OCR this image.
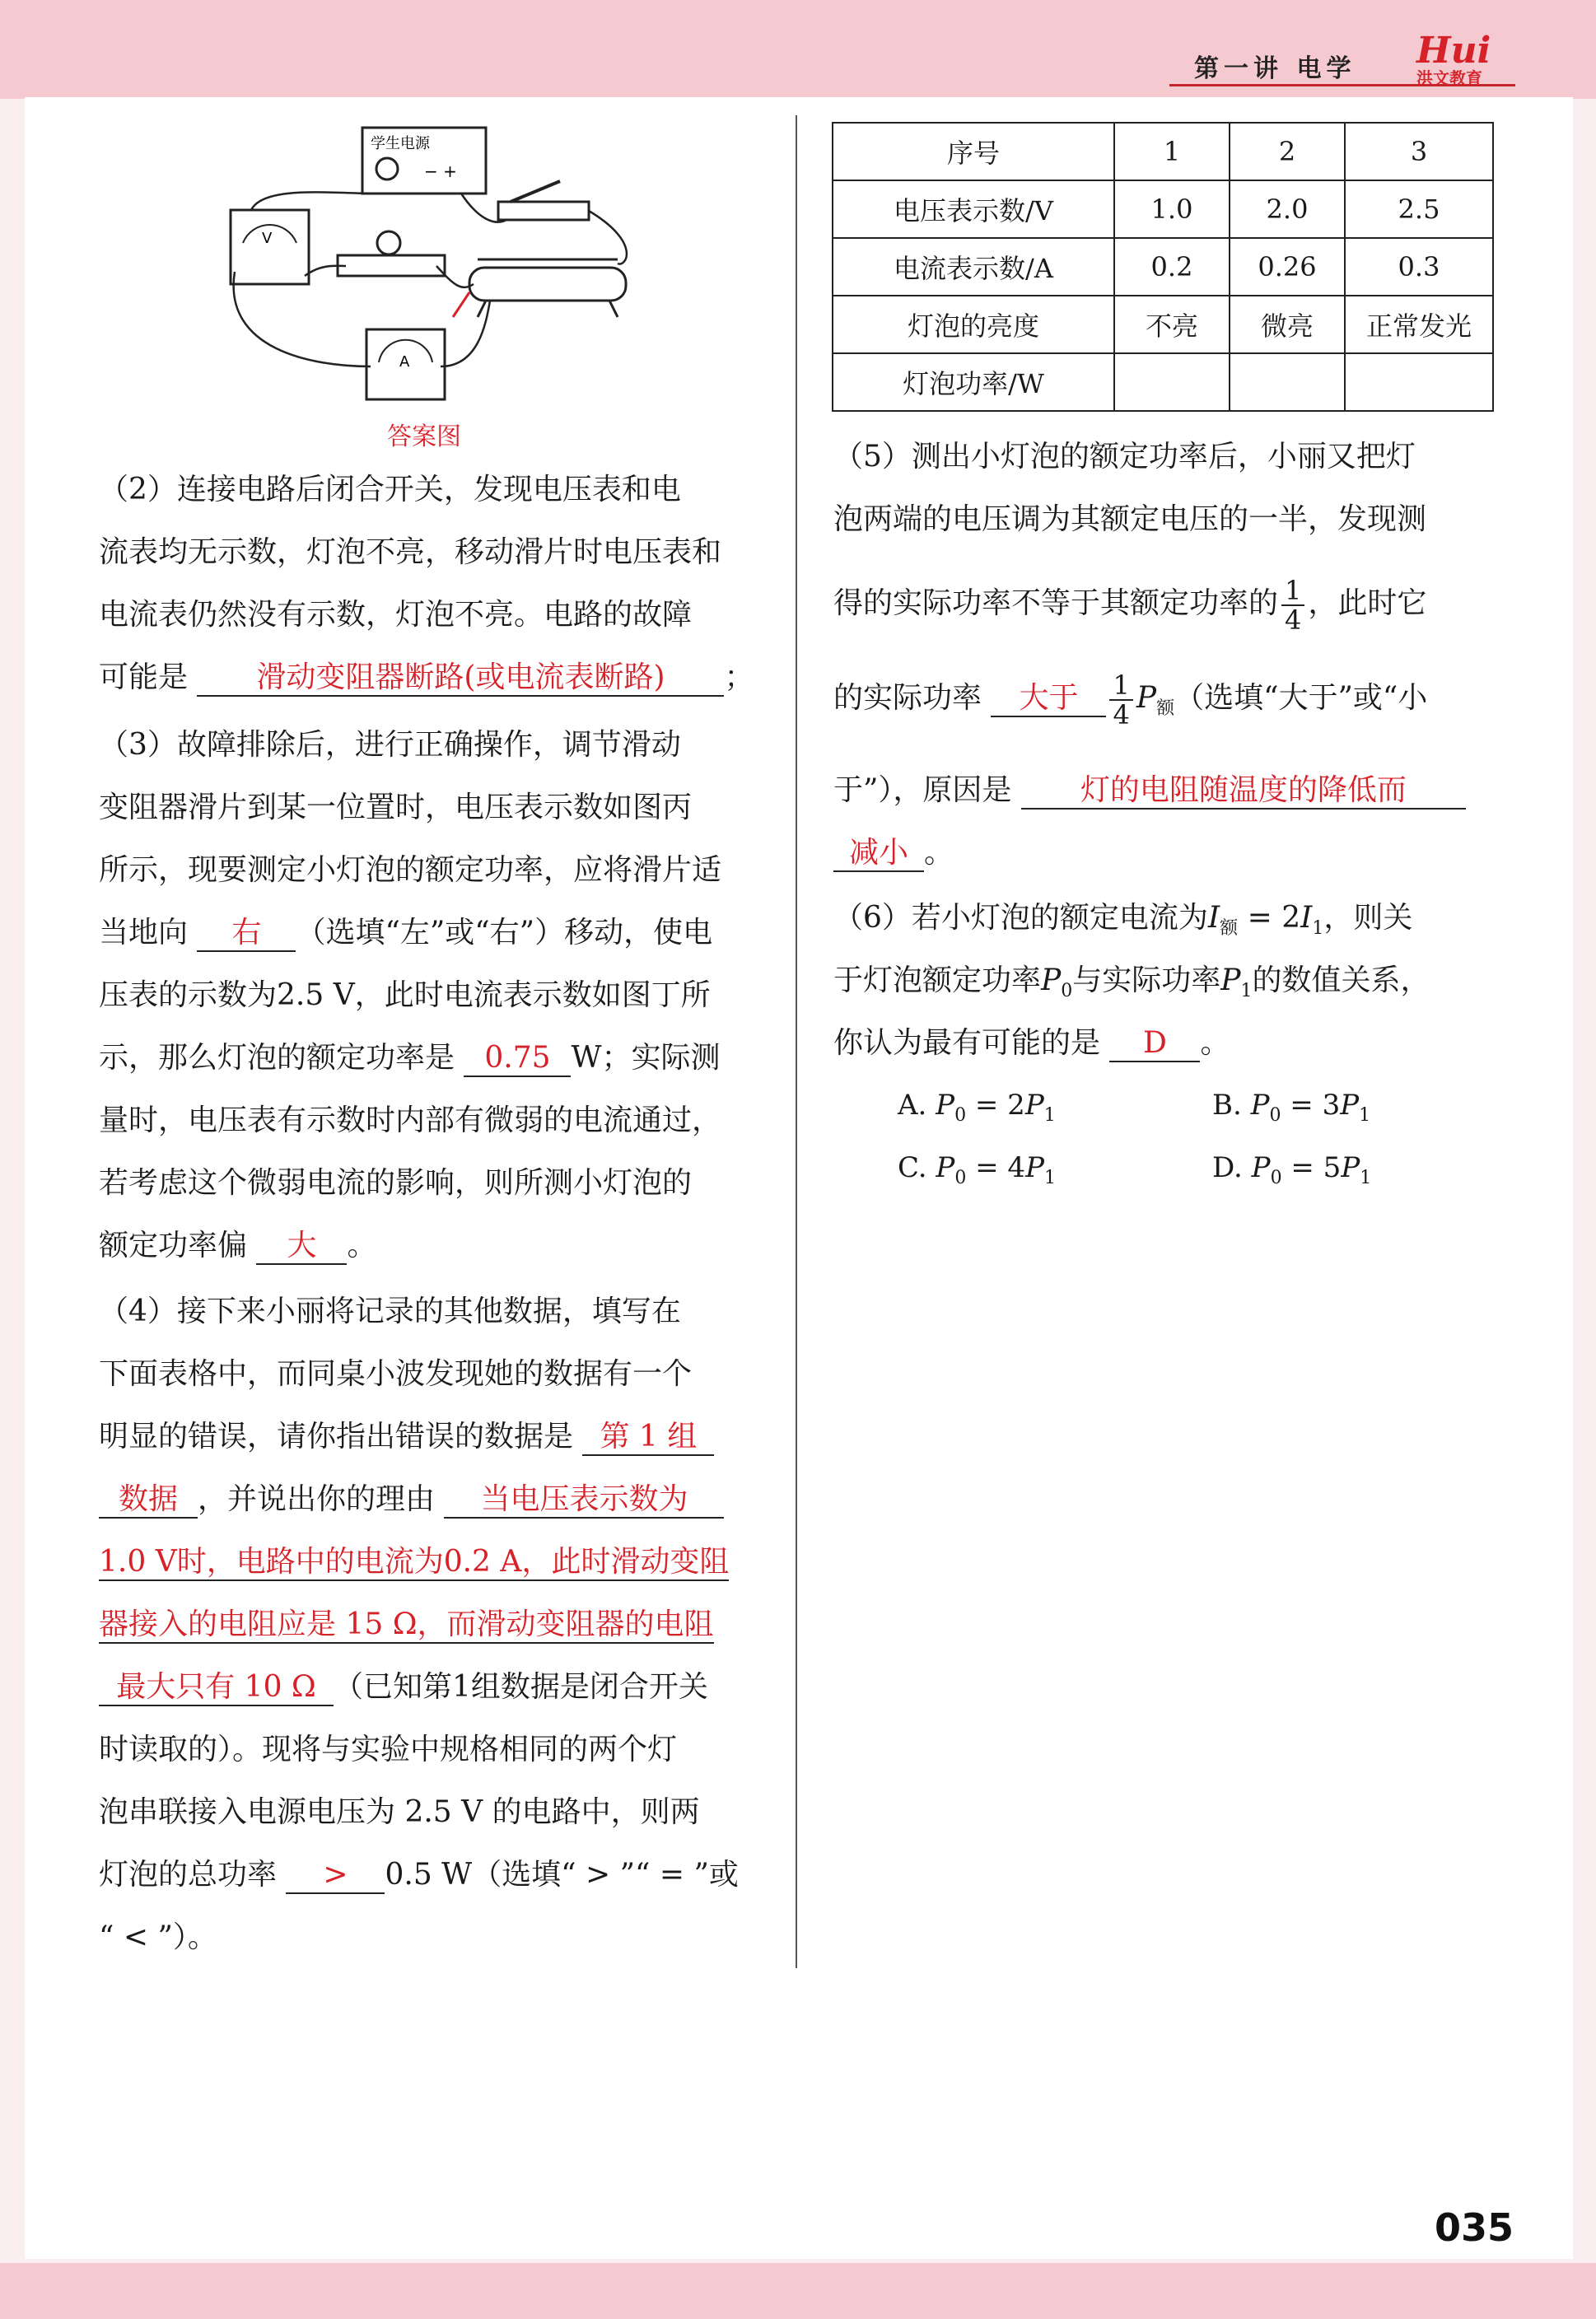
第一讲 电学 Hui
洪文教育
学生电源
− +
V
A
答案图

（2）连接电路后闭合开关，发现电压表和电

流表均无示数，灯泡不亮，移动滑片时电压表和

电流表仍然没有示数，灯泡不亮。电路的故障

可能是 滑动变阻器断路(或电流表断路) ；

（3）故障排除后，进行正确操作，调节滑动

变阻器滑片到某一位置时，电压表示数如图丙

所示，现要测定小灯泡的额定功率，应将滑片适

当地向 右 （选填“左”或“右”）移动，使电

压表的示数为2.5 V，此时电流表示数如图丁所

示，那么灯泡的额定功率是 0.75 W；实际测

量时，电压表有示数时内部有微弱的电流通过，

若考虑这个微弱电流的影响，则所测小灯泡的

额定功率偏 大 。

（4）接下来小丽将记录的其他数据，填写在

下面表格中，而同桌小波发现她的数据有一个

明显的错误，请你指出错误的数据是 第 1 组

数据 ，并说出你的理由 当电压表示数为

1.0 V时，电路中的电流为0.2 A，此时滑动变阻

器接入的电阻应是 15 Ω，而滑动变阻器的电阻

最大只有 10 Ω （已知第1组数据是闭合开关

时读取的）。现将与实验中规格相同的两个灯

泡串联接入电源电压为 2.5 V 的电路中，则两

灯泡的总功率 > 0.5 W（选填“ > ”“ = ”或

“ < ”）。

序号	1	2	3
电压表示数/V	1.0	2.0	2.5
电流表示数/A	0.2	0.26	0.3
灯泡的亮度	不亮	微亮	正常发光
灯泡功率/W			

（5）测出小灯泡的额定功率后，小丽又把灯

泡两端的电压调为其额定电压的一半，发现测

得的实际功率不等于其额定功率的 $\frac{1}{4}$ ，此时它

的实际功率 大于 $\frac{1}{4} P_额$（选填“大于”或“小

于”），原因是 灯的电阻随温度的降低而

减小 。

（6）若小灯泡的额定电流为$I_额 = 2I_1$，则关

于灯泡额定功率$P_0$与实际功率$P_1$的数值关系，

你认为最有可能的是 D 。

A. $P_0 = 2P_1$	B. $P_0 = 3P_1$
C. $P_0 = 4P_1$	D. $P_0 = 5P_1$
035
